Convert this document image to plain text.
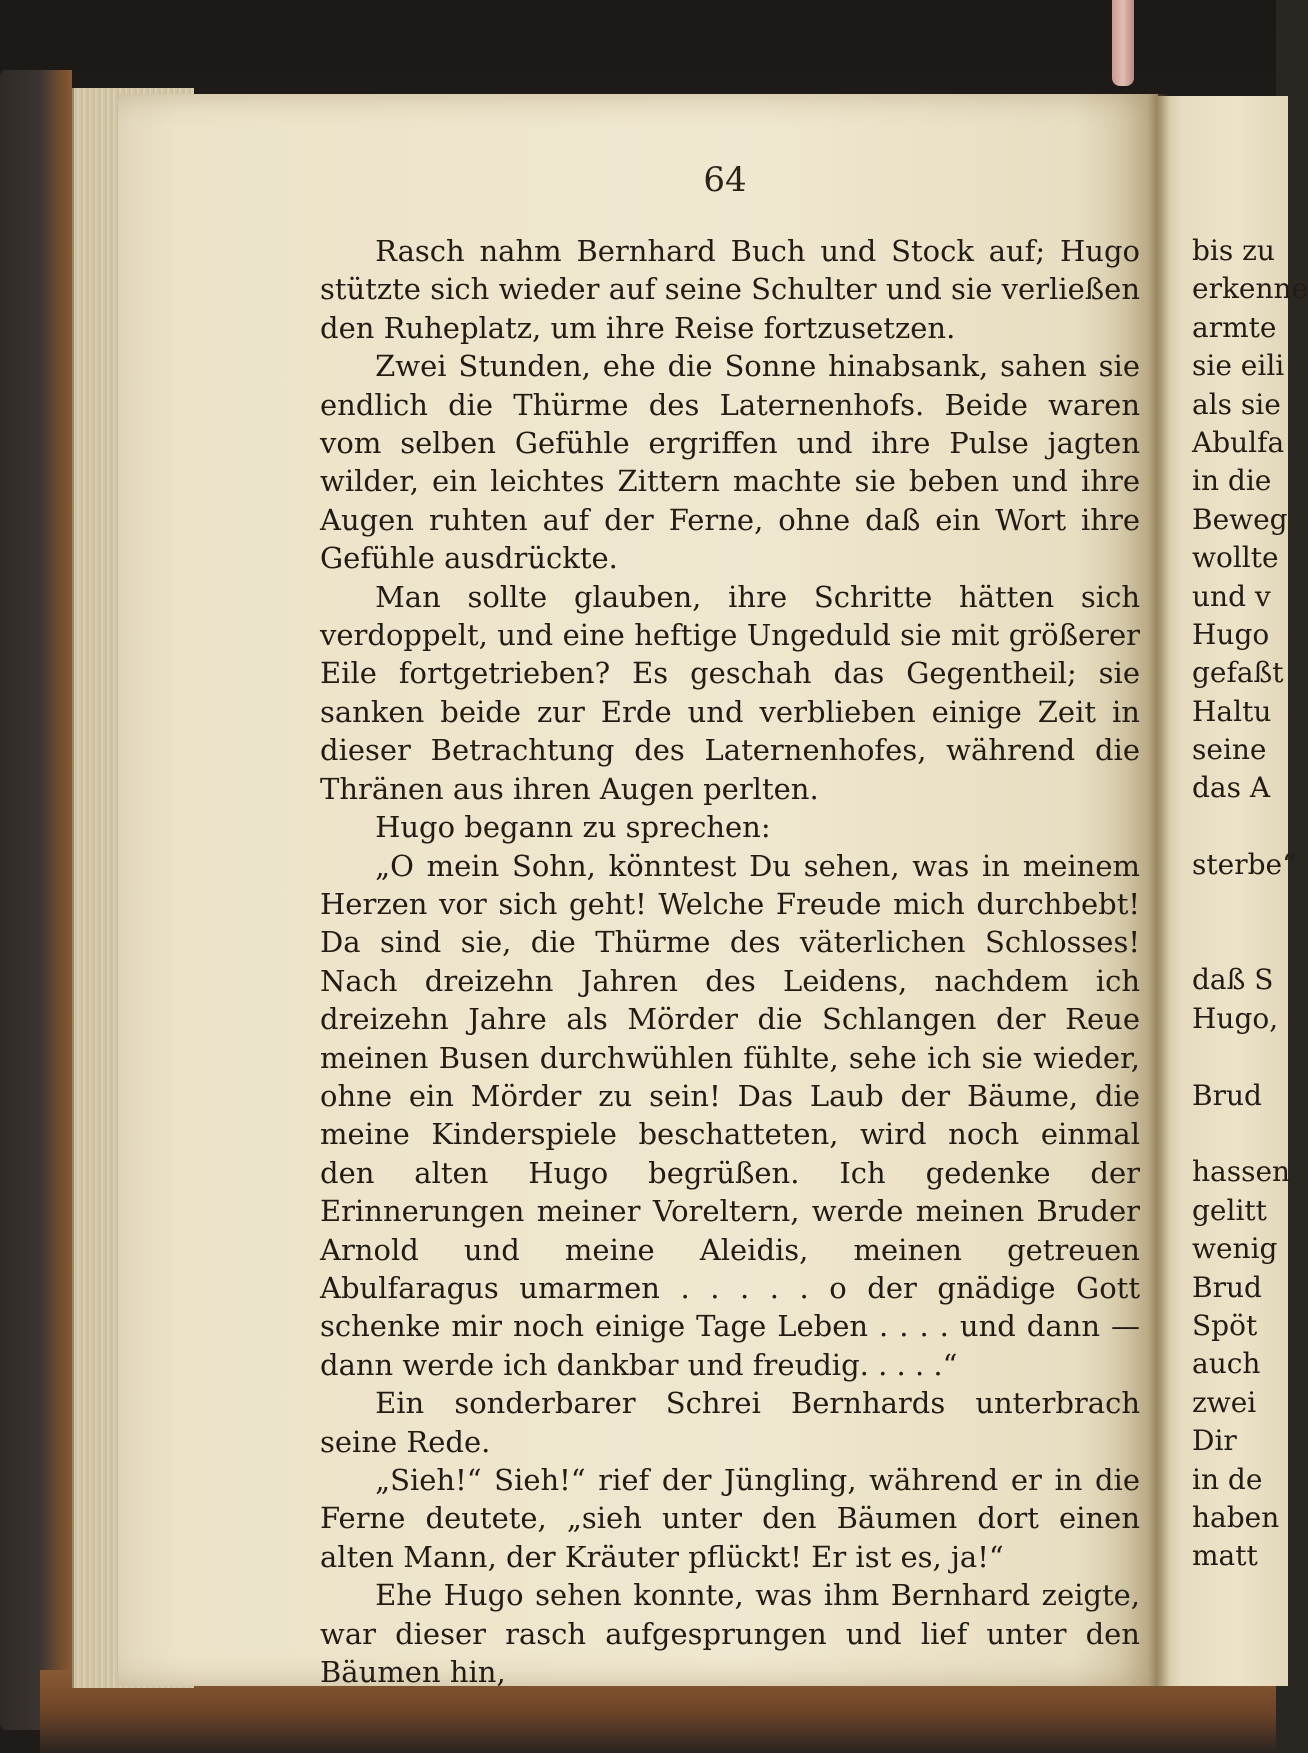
64

Rasch nahm Bernhard Buch und Stock auf; Hugo stützte sich wieder auf seine Schulter und sie verließen den Ruheplatz, um ihre Reise fortzusetzen.

Zwei Stunden, ehe die Sonne hinabsank, sahen sie endlich die Thürme des Laternenhofs. Beide waren vom selben Gefühle ergriffen und ihre Pulse jagten wilder, ein leichtes Zittern machte sie beben und ihre Augen ruhten auf der Ferne, ohne daß ein Wort ihre Gefühle ausdrückte.

Man sollte glauben, ihre Schritte hätten sich verdoppelt, und eine heftige Ungeduld sie mit größerer Eile fortgetrieben? Es geschah das Gegentheil; sie sanken beide zur Erde und verblieben einige Zeit in dieser Betrachtung des Laternenhofes, während die Thränen aus ihren Augen perlten.

Hugo begann zu sprechen:

„O mein Sohn, könntest Du sehen, was in meinem Herzen vor sich geht! Welche Freude mich durchbebt! Da sind sie, die Thürme des väterlichen Schlosses! Nach dreizehn Jahren des Leidens, nachdem ich dreizehn Jahre als Mörder die Schlangen der Reue meinen Busen durchwühlen fühlte, sehe ich sie wieder, ohne ein Mörder zu sein! Das Laub der Bäume, die meine Kinderspiele beschatteten, wird noch einmal den alten Hugo begrüßen. Ich gedenke der Erinnerungen meiner Voreltern, werde meinen Bruder Arnold und meine Aleidis, meinen getreuen Abulfaragus umarmen . . . . . o der gnädige Gott schenke mir noch einige Tage Leben . . . . und dann — dann werde ich dankbar und freudig. . . . .“

Ein sonderbarer Schrei Bernhards unterbrach seine Rede.

„Sieh!“ Sieh!“ rief der Jüngling, während er in die Ferne deutete, „sieh unter den Bäumen dort einen alten Mann, der Kräuter pflückt! Er ist es, ja!“

Ehe Hugo sehen konnte, was ihm Bernhard zeigte, war dieser rasch aufgesprungen und lief unter den Bäumen hin,

bis zu
erkenne
armte
sie eili
als sie
Abulfa
in die
Beweg
wollte
und v
Hugo
gefaßt
Haltu
seine
das A
sterbe“
daß S
Hugo,
Brud
hassen
gelitt
wenig
Brud
Spöt
auch
zwei
Dir
in de
haben
matt
